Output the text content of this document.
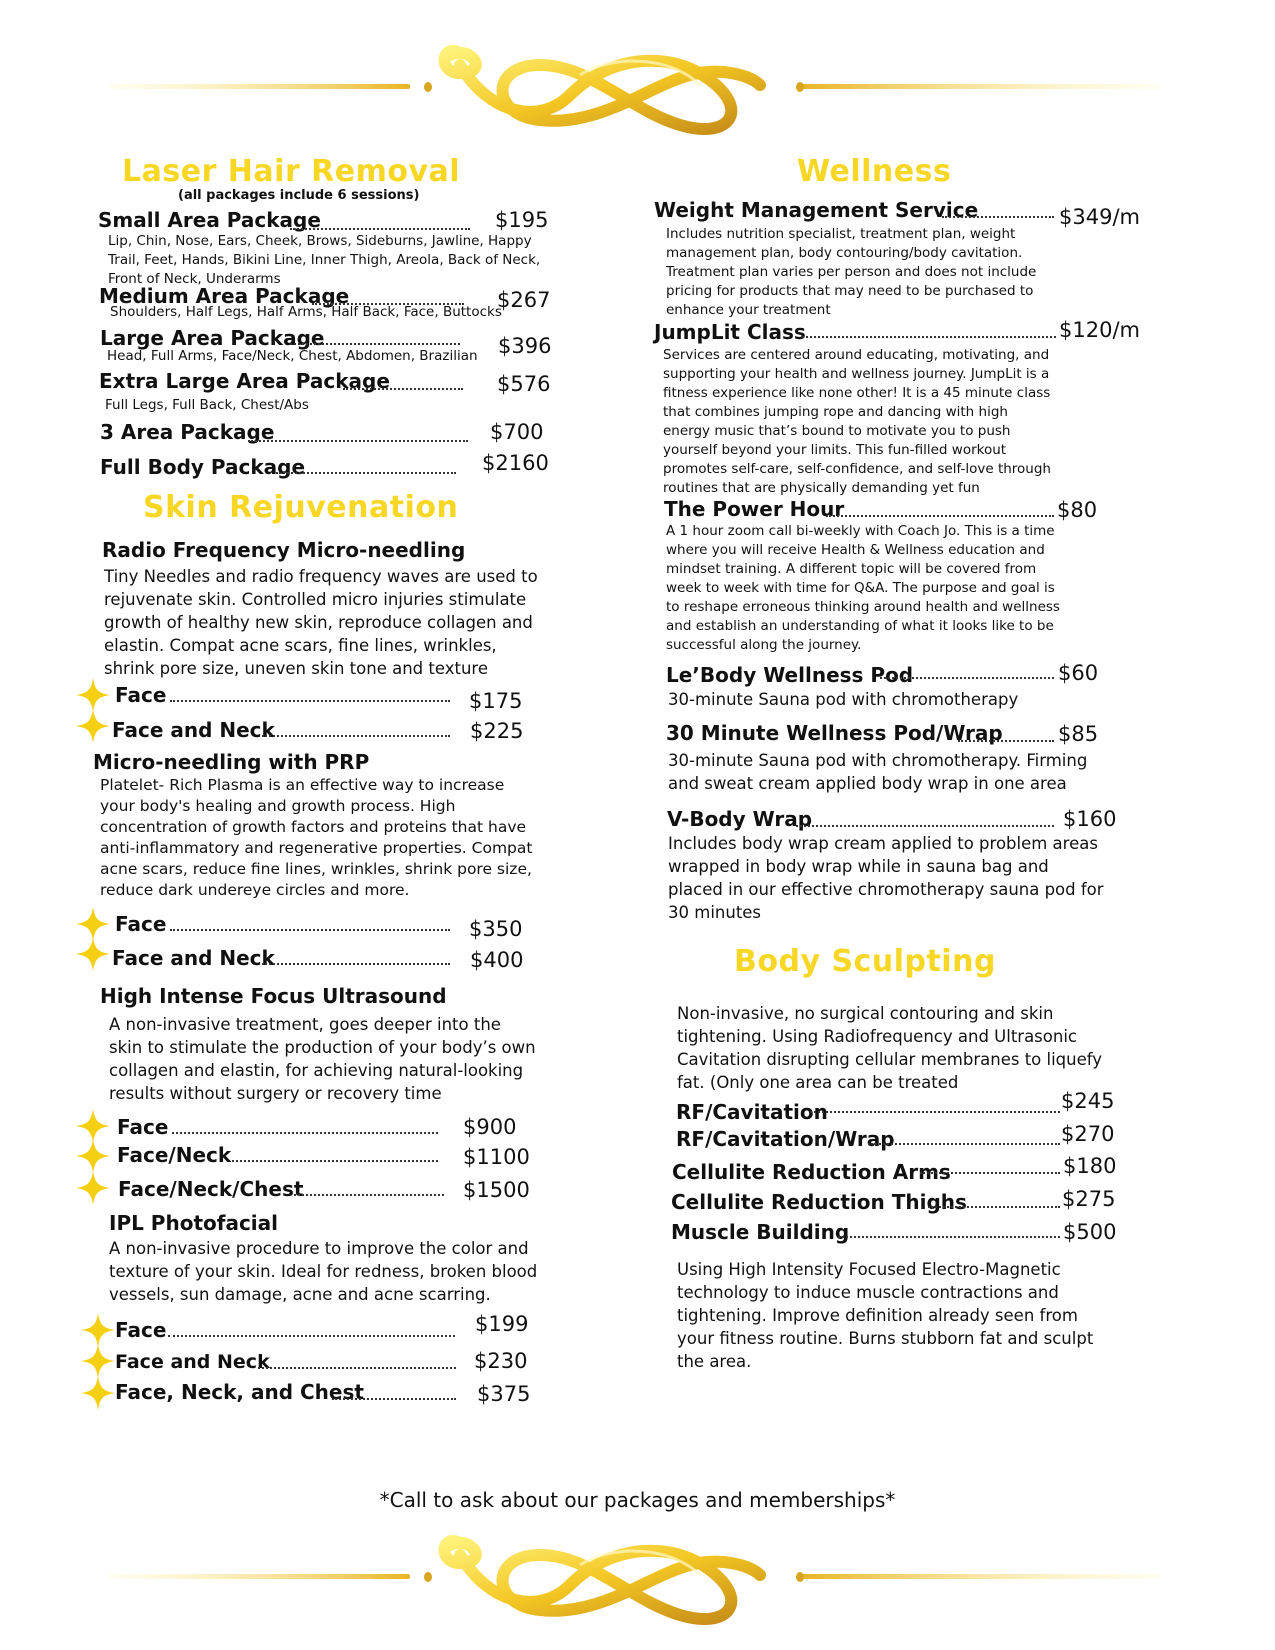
Laser Hair Removal
(all packages include 6 sessions)
Small Area Package	$195
Lip, Chin, Nose, Ears, Cheek, Brows, Sideburns, Jawline, Happy Trail, Feet, Hands, Bikini Line, Inner Thigh, Areola, Back of Neck, Front of Neck, Underarms
Medium Area Package	$267
Shoulders, Half Legs, Half Arms, Half Back, Face, Buttocks
Large Area Package	$396
Head, Full Arms, Face/Neck, Chest, Abdomen, Brazilian
Extra Large Area Package	$576
Full Legs, Full Back, Chest/Abs
3 Area Package	$700
Full Body Package	$2160
Skin Rejuvenation
Radio Frequency Micro-needling
Tiny Needles and radio frequency waves are used to rejuvenate skin. Controlled micro injuries stimulate growth of healthy new skin, reproduce collagen and elastin. Compat acne scars, fine lines, wrinkles, shrink pore size, uneven skin tone and texture
Face	$175
Face and Neck	$225
Micro-needling with PRP
Platelet- Rich Plasma is an effective way to increase your body's healing and growth process. High concentration of growth factors and proteins that have anti-inflammatory and regenerative properties. Compat acne scars, reduce fine lines, wrinkles, shrink pore size, reduce dark undereye circles and more.
Face	$350
Face and Neck	$400
High Intense Focus Ultrasound
A non-invasive treatment, goes deeper into the skin to stimulate the production of your body’s own collagen and elastin, for achieving natural-looking results without surgery or recovery time
Face	$900
Face/Neck	$1100
Face/Neck/Chest	$1500
IPL Photofacial
A non-invasive procedure to improve the color and texture of your skin. Ideal for redness, broken blood vessels, sun damage, acne and acne scarring.
Face	$199
Face and Neck	$230
Face, Neck, and Chest	$375
Wellness
Weight Management Service	$349/m
Includes nutrition specialist, treatment plan, weight management plan, body contouring/body cavitation. Treatment plan varies per person and does not include pricing for products that may need to be purchased to enhance your treatment
JumpLit Class	$120/m
Services are centered around educating, motivating, and supporting your health and wellness journey. JumpLit is a fitness experience like none other! It is a 45 minute class that combines jumping rope and dancing with high energy music that’s bound to motivate you to push yourself beyond your limits. This fun-filled workout promotes self-care, self-confidence, and self-love through routines that are physically demanding yet fun
The Power Hour	$80
A 1 hour zoom call bi-weekly with Coach Jo. This is a time where you will receive Health & Wellness education and mindset training. A different topic will be covered from week to week with time for Q&A. The purpose and goal is to reshape erroneous thinking around health and wellness and establish an understanding of what it looks like to be successful along the journey.
Le’Body Wellness Pod	$60
30-minute Sauna pod with chromotherapy
30 Minute Wellness Pod/Wrap	$85
30-minute Sauna pod with chromotherapy. Firming and sweat cream applied body wrap in one area
V-Body Wrap	$160
Includes body wrap cream applied to problem areas wrapped in body wrap while in sauna bag and placed in our effective chromotherapy sauna pod for 30 minutes
Body Sculpting
Non-invasive, no surgical contouring and skin tightening. Using Radiofrequency and Ultrasonic Cavitation disrupting cellular membranes to liquefy fat. (Only one area can be treated
RF/Cavitation	$245
RF/Cavitation/Wrap	$270
Cellulite Reduction Arms	$180
Cellulite Reduction Thighs	$275
Muscle Building	$500
Using High Intensity Focused Electro-Magnetic technology to induce muscle contractions and tightening. Improve definition already seen from your fitness routine. Burns stubborn fat and sculpt the area.
*Call to ask about our packages and memberships*
